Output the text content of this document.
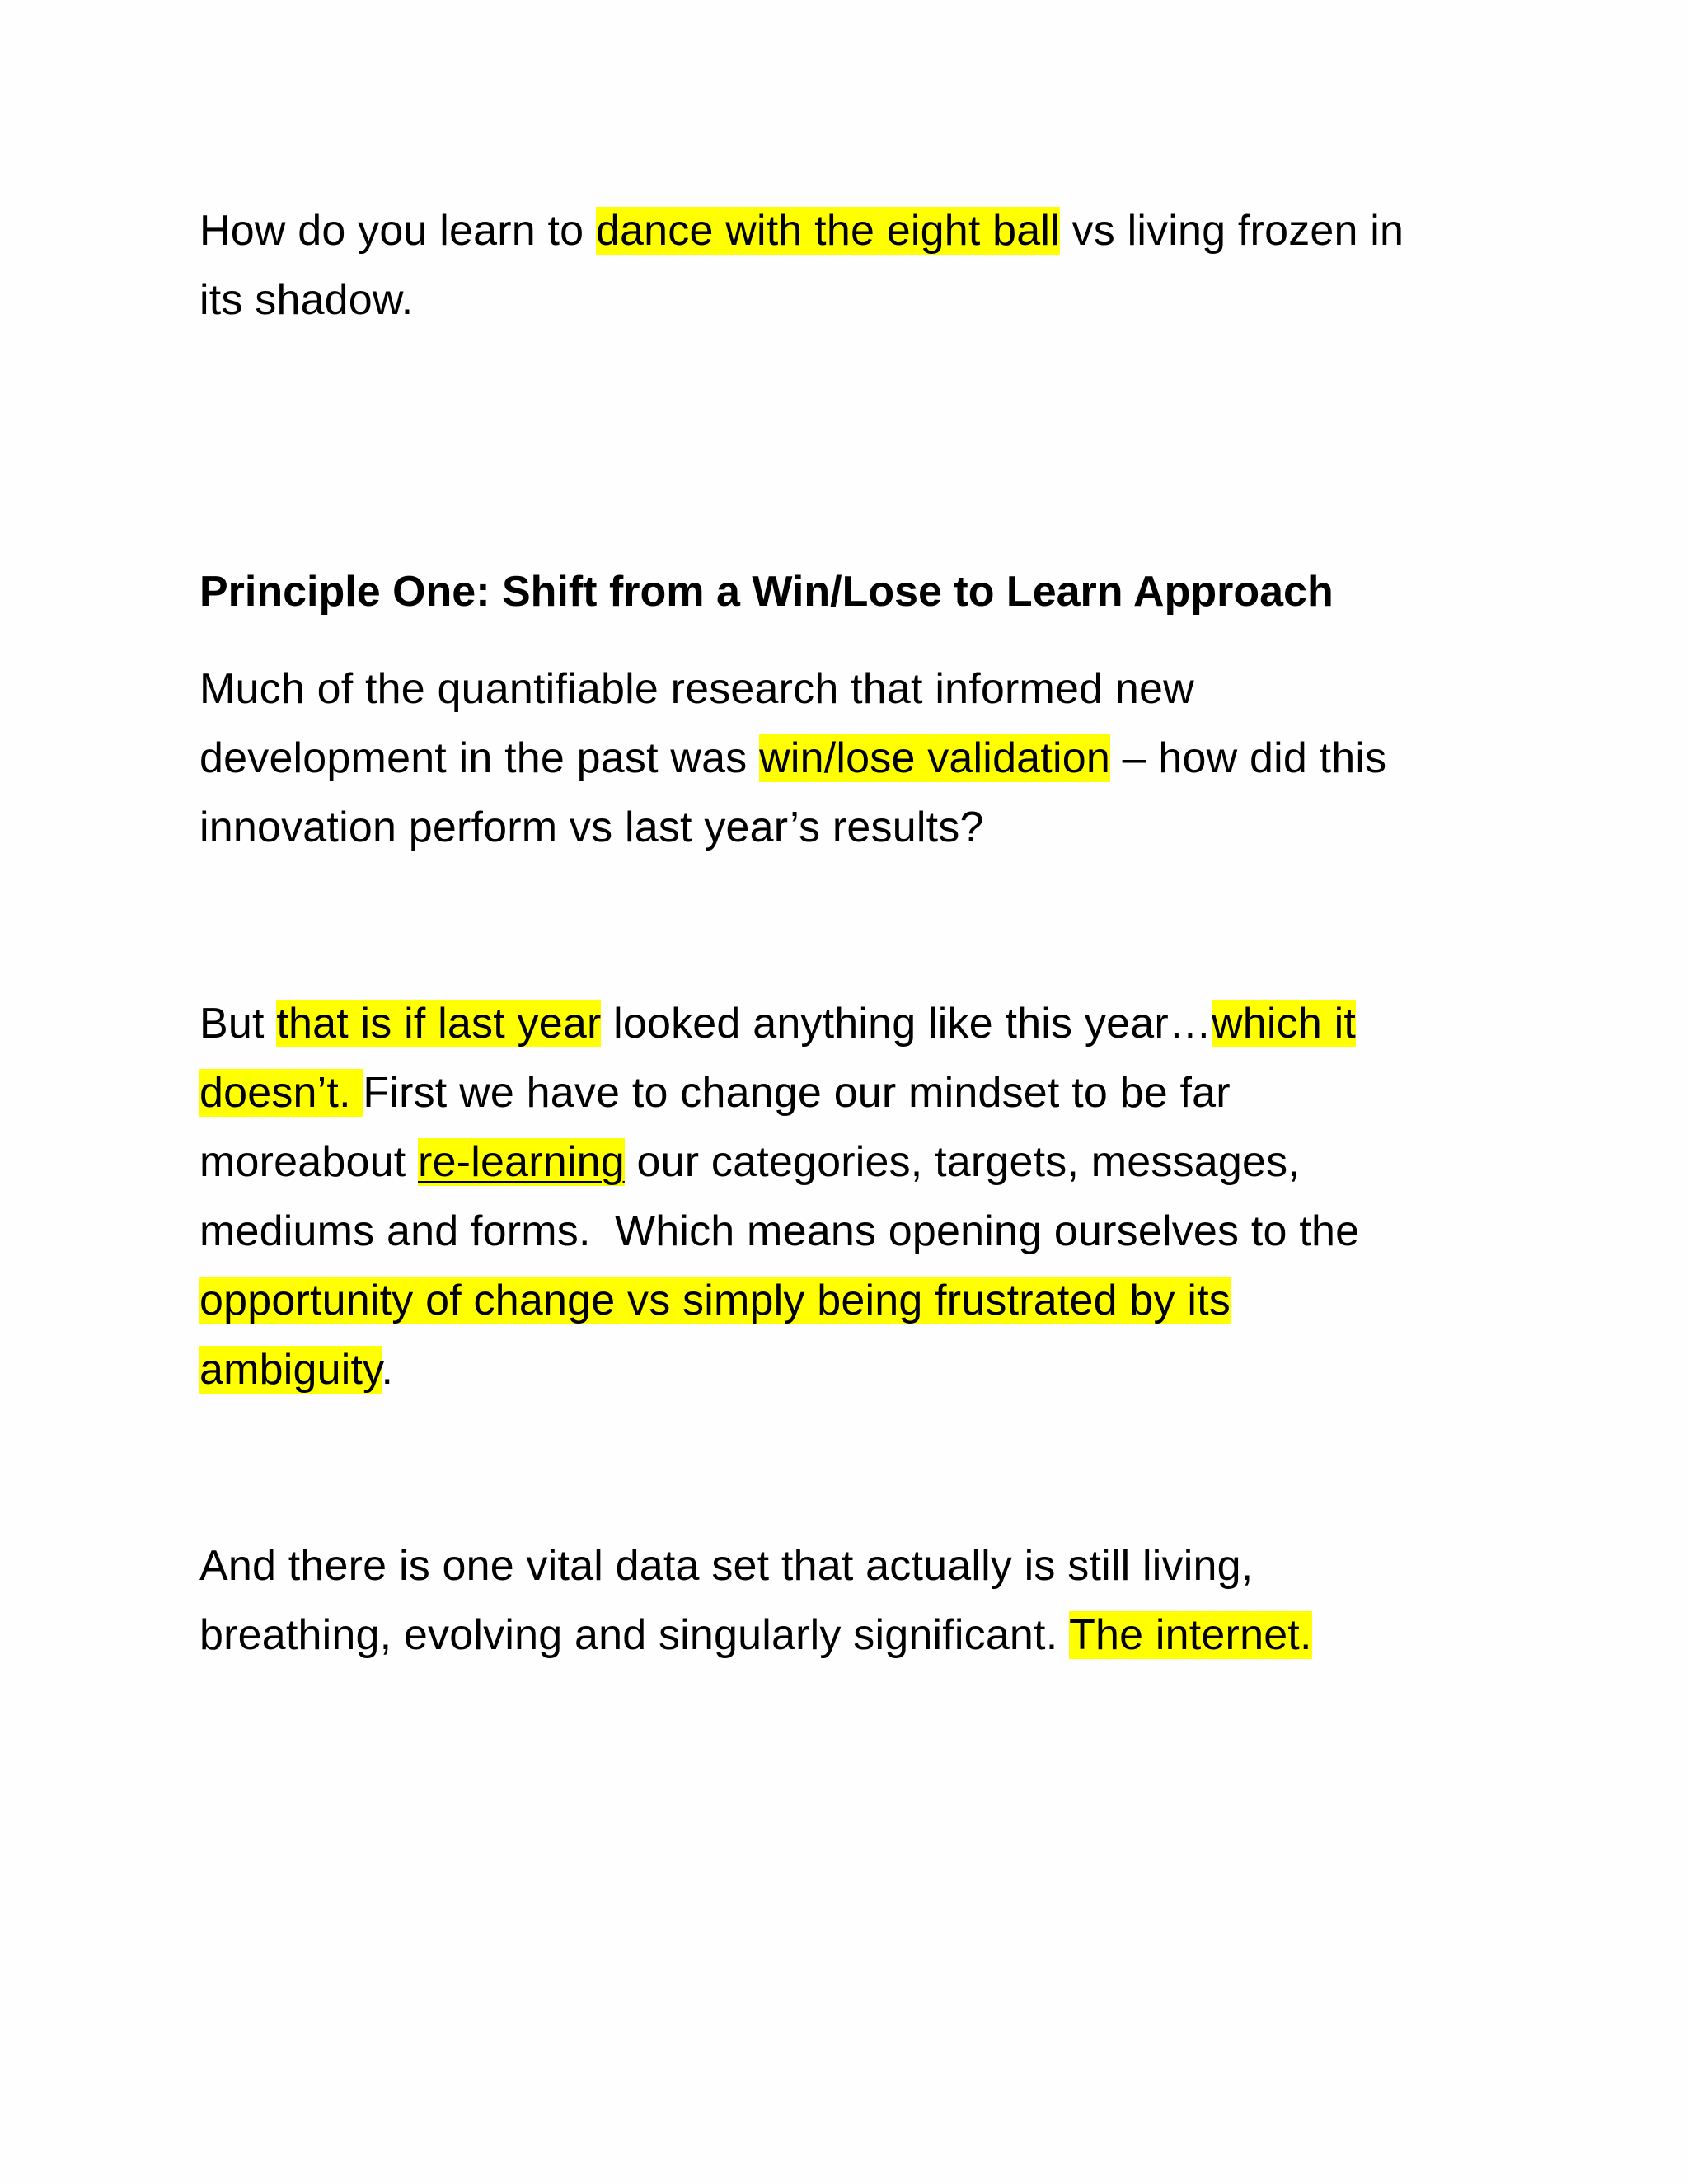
How do you learn to dance with the eight ball vs living frozen in
its shadow.
Principle One: Shift from a Win/Lose to Learn Approach
Much of the quantifiable research that informed new
development in the past was win/lose validation – how did this
innovation perform vs last year’s results?
But that is if last year looked anything like this year…which it
doesn’t. First we have to change our mindset to be far
moreabout re-learning our categories, targets, messages,
mediums and forms.  Which means opening ourselves to the
opportunity of change vs simply being frustrated by its
ambiguity.
And there is one vital data set that actually is still living,
breathing, evolving and singularly significant. The internet.
